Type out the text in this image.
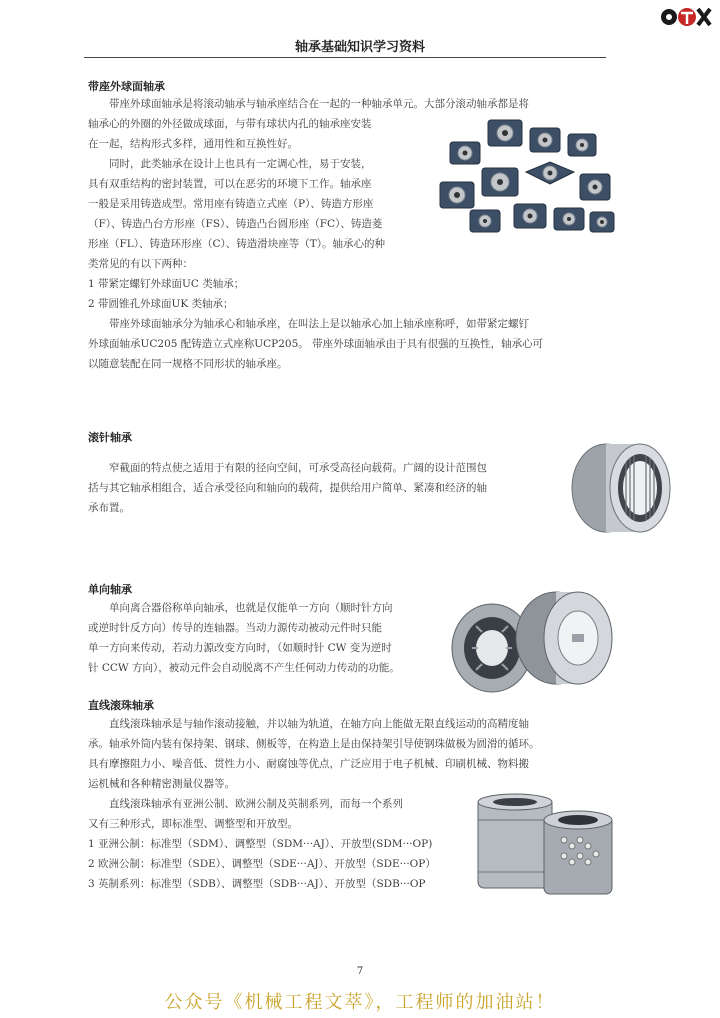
轴承基础知识学习资料
带座外球面轴承
带座外球面轴承是将滚动轴承与轴承座结合在一起的一种轴承单元。大部分滚动轴承都是将
轴承心的外圈的外径做成球面，与带有球状内孔的轴承座安装
在一起，结构形式多样，通用性和互换性好。
同时，此类轴承在设计上也具有一定调心性，易于安装，
具有双重结构的密封装置，可以在恶劣的环境下工作。轴承座
一般是采用铸造成型。常用座有铸造立式座（P）、铸造方形座
（F）、铸造凸台方形座（FS）、铸造凸台圆形座（FC）、铸造菱
形座（FL）、铸造环形座（C）、铸造滑块座等（T）。轴承心的种
类常见的有以下两种：
1 带紧定螺钉外球面UC 类轴承；
2 带圆锥孔外球面UK 类轴承；
带座外球面轴承分为轴承心和轴承座，在叫法上是以轴承心加上轴承座称呼，如带紧定螺钉
外球面轴承UC205 配铸造立式座称UCP205。 带座外球面轴承由于具有很强的互换性，轴承心可
以随意装配在同一规格不同形状的轴承座。
滚针轴承
窄截面的特点使之适用于有限的径向空间，可承受高径向载荷。广阔的设计范围包
括与其它轴承相组合，适合承受径向和轴向的载荷，提供给用户简单、紧凑和经济的轴
承布置。
单向轴承
单向离合器俗称单向轴承，也就是仅能单一方向（顺时针方向
或逆时针反方向）传导的连轴器。当动力源传动被动元件时只能
单一方向来传动，若动力源改变方向时，（如顺时针 CW 变为逆时
针 CCW 方向），被动元件会自动脱离不产生任何动力传动的功能。
直线滚珠轴承
直线滚珠轴承是与轴作滚动接触，并以轴为轨道，在轴方向上能做无限直线运动的高精度轴
承。轴承外筒内装有保持架、钢球、侧板等，在构造上是由保持架引导使钢珠做极为圆滑的循环。
具有摩擦阻力小、噪音低、贯性力小、耐腐蚀等优点，广泛应用于电子机械、印刷机械、物料搬
运机械和各种精密测量仪器等。
直线滚珠轴承有亚洲公制、欧洲公制及英制系列，而每一个系列
又有三种形式，即标准型、调整型和开放型。
1 亚洲公制：标准型（SDM）、调整型（SDM···AJ）、开放型(SDM···OP)
2 欧洲公制：标准型（SDE）、调整型（SDE···AJ）、开放型（SDE···OP）
3 英制系列：标准型（SDB）、调整型（SDB···AJ）、开放型（SDB···OP
7
公众号《机械工程文萃》，工程师的加油站！
